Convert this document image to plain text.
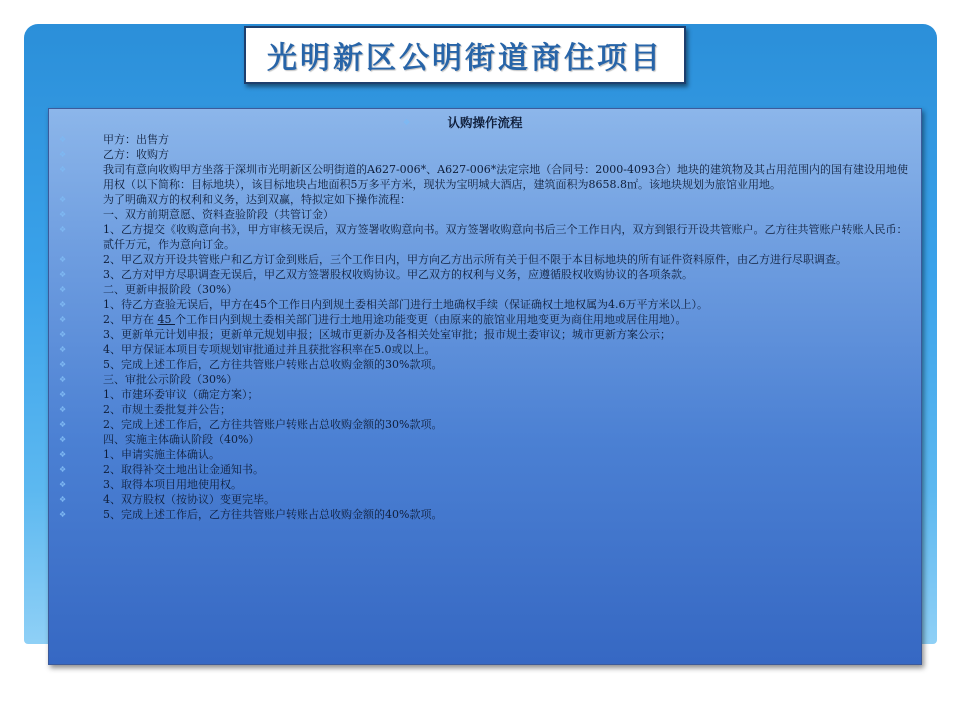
光明新区公明街道商住项目
❖	认购操作流程
❖	甲方：出售方
❖	乙方：收购方
❖	我司有意向收购甲方坐落于深圳市光明新区公明街道的A627-006*、A627-006*法定宗地（合同号：2000-4093合）地块的建筑物及其占用范围内的国有建设用地使用权（以下简称：目标地块），该目标地块占地面积5万多平方米，现状为宝明城大酒店，建筑面积为8658.8㎡。该地块规划为旅馆业用地。
❖	为了明确双方的权利和义务，达到双赢，特拟定如下操作流程：
❖	一、双方前期意愿、资料查验阶段（共管订金）
❖	1、乙方提交《收购意向书》，甲方审核无误后，双方签署收购意向书。双方签署收购意向书后三个工作日内，双方到银行开设共管账户。乙方往共管账户转账人民币：贰仟万元，作为意向订金。
❖	2、甲乙双方开设共管账户和乙方订金到账后，三个工作日内，甲方向乙方出示所有关于但不限于本目标地块的所有证件资料原件，由乙方进行尽职调查。
❖	3、乙方对甲方尽职调查无误后，甲乙双方签署股权收购协议。甲乙双方的权利与义务，应遵循股权收购协议的各项条款。
❖	二、更新申报阶段（30%）
❖	1、待乙方查验无误后，甲方在45个工作日内到规土委相关部门进行土地确权手续（保证确权土地权属为4.6万平方米以上）。
❖	2、甲方在 45 个工作日内到规土委相关部门进行土地用途功能变更（由原来的旅馆业用地变更为商住用地或居住用地）。
❖	3、更新单元计划申报；更新单元规划申报；区城市更新办及各相关处室审批；报市规土委审议；城市更新方案公示；
❖	4、甲方保证本项目专项规划审批通过并且获批容积率在5.0或以上。
❖	5、完成上述工作后，乙方往共管账户转账占总收购金额的30%款项。
❖	三、审批公示阶段（30%）
❖	1、市建环委审议（确定方案）；
❖	2、市规土委批复并公告；
❖	2、完成上述工作后，乙方往共管账户转账占总收购金额的30%款项。
❖	四、实施主体确认阶段（40%）
❖	1、申请实施主体确认。
❖	2、取得补交土地出让金通知书。
❖	3、取得本项目用地使用权。
❖	4、双方股权（按协议）变更完毕。
❖	5、完成上述工作后，乙方往共管账户转账占总收购金额的40%款项。
